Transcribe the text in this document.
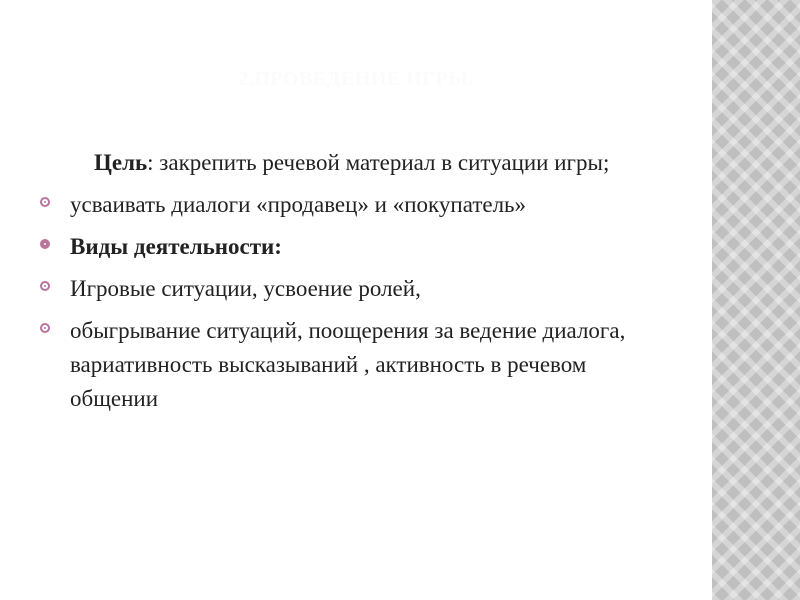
2.ПРОВЕДЕНИЕ ИГРЫ.

Цель: закрепить речевой материал в ситуации игры;

усваивать диалоги «продавец» и «покупатель»

Виды деятельности:

Игровые ситуации, усвоение ролей,

обыгрывание ситуаций, поощерения за ведение диалога, вариативность высказываний , активность в речевом общении
